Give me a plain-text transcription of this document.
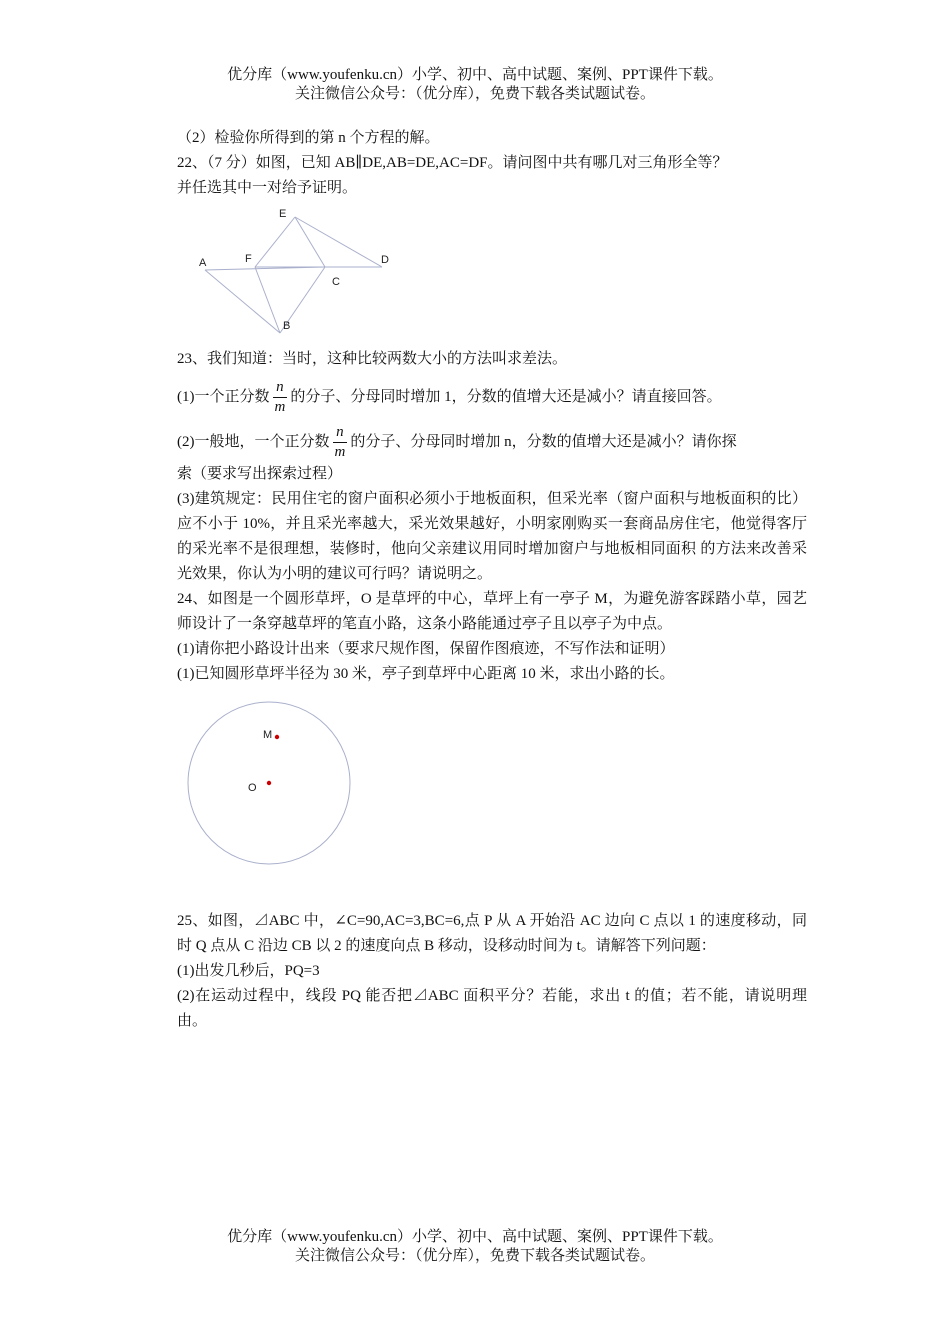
优分库（www.youfenku.cn）小学、初中、高中试题、案例、PPT课件下载。
关注微信公众号：（优分库），免费下载各类试题试卷。
（2）检验你所得到的第 n 个方程的解。
22、（7 分）如图，已知 AB∥DE,AB=DE,AC=DF。请问图中共有哪几对三角形全等？
并任选其中一对给予证明。
E
A	F	D
C
B
23、我们知道：当时，这种比较两数大小的方法叫求差法。
(1)一个正分数 $\frac{n}{m}$ 的分子、分母同时增加 1，分数的值增大还是减小？请直接回答。
(2)一般地，一个正分数 $\frac{n}{m}$ 的分子、分母同时增加 n，分数的值增大还是减小？请你探
索（要求写出探索过程）
(3)建筑规定：民用住宅的窗户面积必须小于地板面积，但采光率（窗户面积与地板面积的比）应不小于 10%，并且采光率越大，采光效果越好，小明家刚购买一套商品房住宅，他觉得客厅的采光率不是很理想，装修时，他向父亲建议用同时增加窗户与地板相同面积 的方法来改善采光效果，你认为小明的建议可行吗？请说明之。
24、如图是一个圆形草坪，O 是草坪的中心，草坪上有一亭子 M，为避免游客踩踏小草，园艺师设计了一条穿越草坪的笔直小路，这条小路能通过亭子且以亭子为中点。
(1)请你把小路设计出来（要求尺规作图，保留作图痕迹，不写作法和证明）
(1)已知圆形草坪半径为 30 米，亭子到草坪中心距离 10 米，求出小路的长。
M
O
25、如图，⊿ABC 中，∠C=90,AC=3,BC=6,点 P 从 A 开始沿 AC 边向 C 点以 1 的速度移动，同时 Q 点从 C 沿边 CB 以 2 的速度向点 B 移动，设移动时间为 t。请解答下列问题：
(1)出发几秒后，PQ=3
(2)在运动过程中，线段 PQ 能否把⊿ABC 面积平分？若能，求出 t 的值；若不能，请说明理由。
优分库（www.youfenku.cn）小学、初中、高中试题、案例、PPT课件下载。
关注微信公众号：（优分库），免费下载各类试题试卷。
